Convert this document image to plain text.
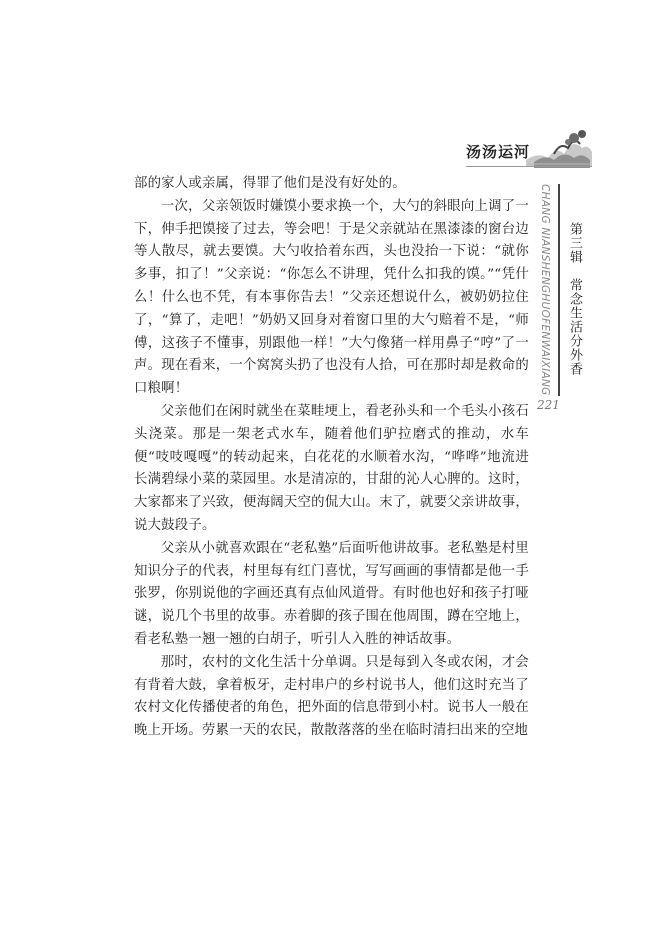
汤汤运河

部的家人或亲属，得罪了他们是没有好处的。

一次，父亲领饭时嫌馍小要求换一个，大勺的斜眼向上调了一下，伸手把馍接了过去，等会吧！于是父亲就站在黑漆漆的窗台边等人散尽，就去要馍。大勺收拾着东西，头也没抬一下说：“就你多事，扣了！”父亲说：“你怎么不讲理，凭什么扣我的馍。”“凭什么！什么也不凭，有本事你告去！”父亲还想说什么，被奶奶拉住了，“算了，走吧！”奶奶又回身对着窗口里的大勺赔着不是，“师傅，这孩子不懂事，别跟他一样！”大勺像猪一样用鼻子“哼”了一声。现在看来，一个窝窝头扔了也没有人拾，可在那时却是救命的口粮啊！

父亲他们在闲时就坐在菜畦埂上，看老孙头和一个毛头小孩石头浇菜。那是一架老式水车，随着他们驴拉磨式的推动，水车便“吱吱嘎嘎”的转动起来，白花花的水顺着水沟，“哗哗”地流进长满碧绿小菜的菜园里。水是清凉的，甘甜的沁人心脾的。这时，大家都来了兴致，便海阔天空的侃大山。末了，就要父亲讲故事，说大鼓段子。

父亲从小就喜欢跟在“老私塾”后面听他讲故事。老私塾是村里知识分子的代表，村里每有红门喜忧，写写画画的事情都是他一手张罗，你别说他的字画还真有点仙风道骨。有时他也好和孩子打哑谜，说几个书里的故事。赤着脚的孩子围在他周围，蹲在空地上，看老私塾一翘一翘的白胡子，听引人入胜的神话故事。

那时，农村的文化生活十分单调。只是每到入冬或农闲，才会有背着大鼓，拿着板牙，走村串户的乡村说书人，他们这时充当了农村文化传播使者的角色，把外面的信息带到小村。说书人一般在晚上开场。劳累一天的农民，散散落落的坐在临时清扫出来的空地

CHANG NIANSHENGHUOFENWAIXIANG 第三辑　常念生活分外香
221
